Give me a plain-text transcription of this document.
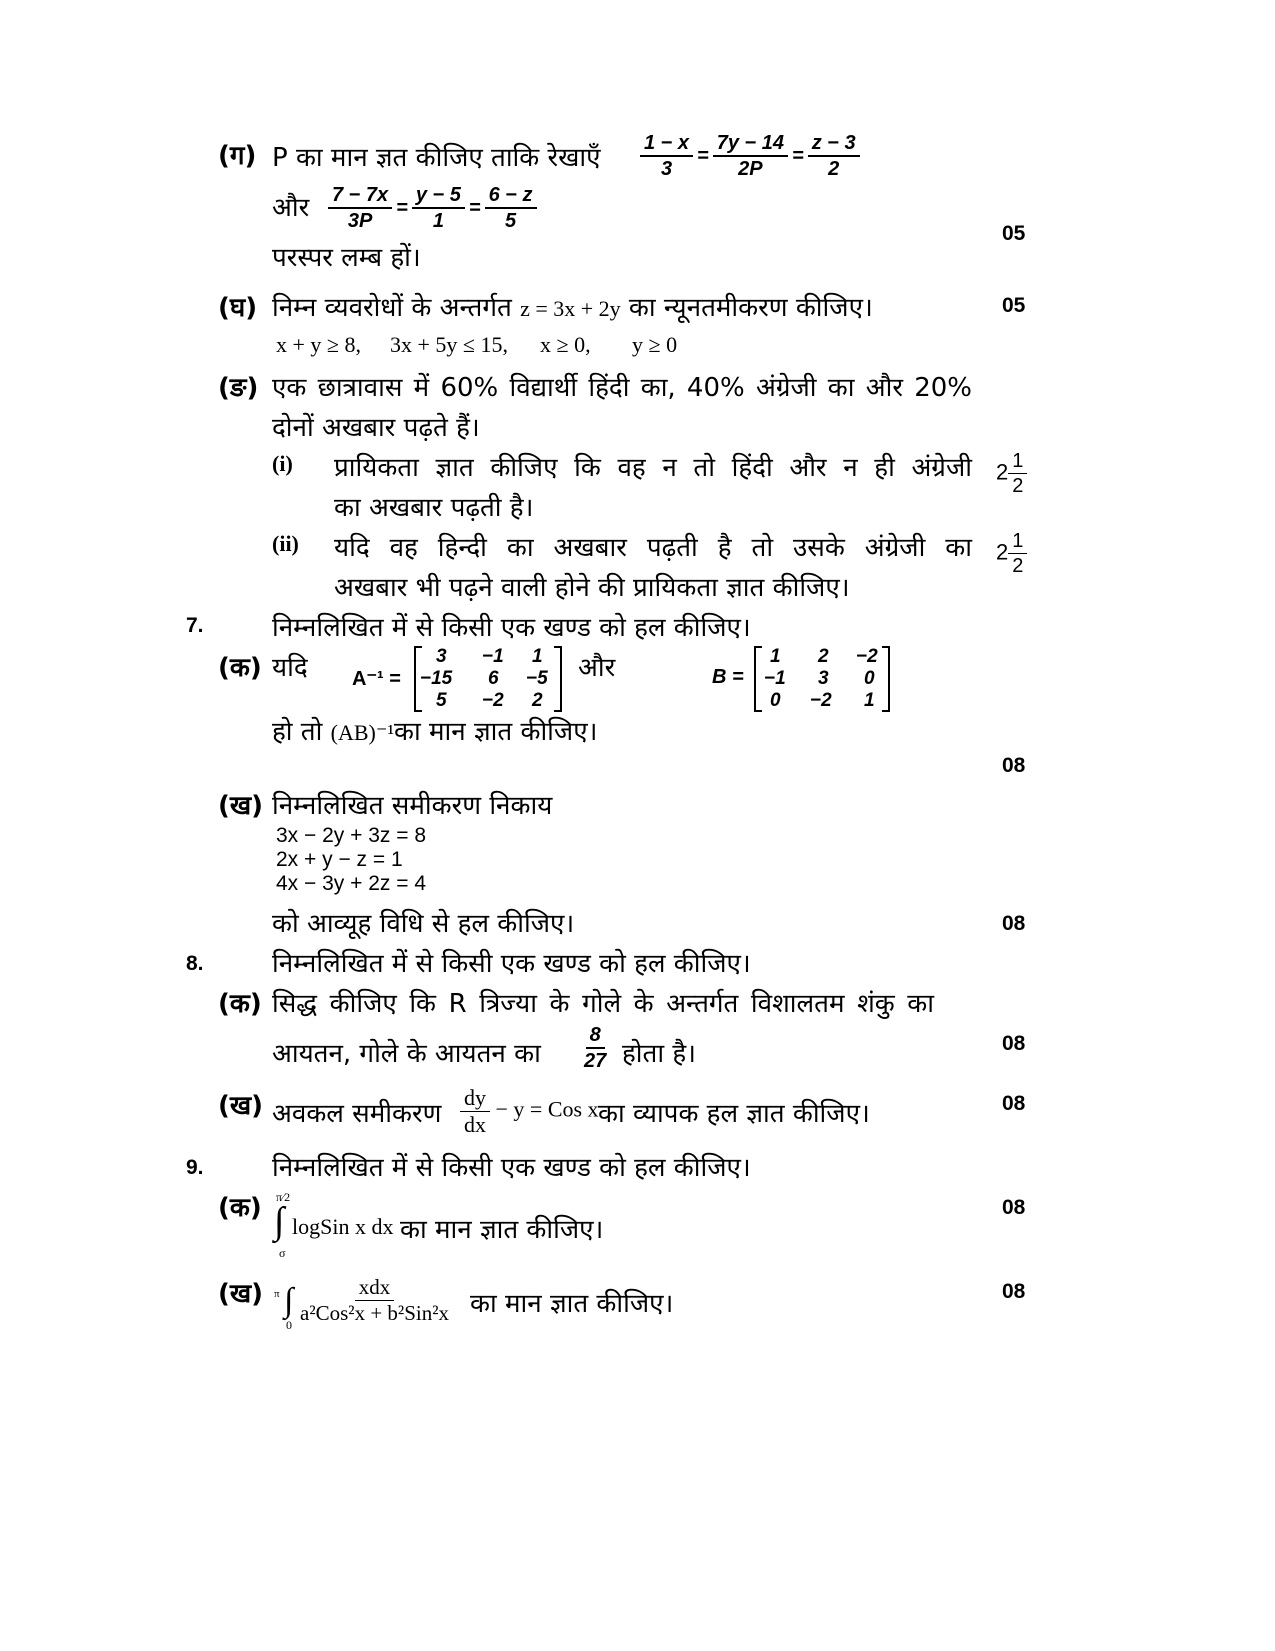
(ग) P का मान ज्ञत कीजिए ताकि रेखाएँ $\frac{1 - x}{3} = \frac{7y - 14}{2P} = \frac{z - 3}{2}$
और $\frac{7 - 7x}{3P} = \frac{y - 5}{1} = \frac{6 - z}{5}$
परस्पर लम्ब हों।
05
(घ) निम्न व्यवरोधों के अन्तर्गत z = 3x + 2y का न्यूनतमीकरण कीजिए।	05
x + y ≥ 8, 3x + 5y ≤ 15, x ≥ 0, y ≥ 0
(ङ) एक छात्रावास में 60% विद्यार्थी हिंदी का, 40% अंग्रेजी का और 20%
दोनों अखबार पढ़ते हैं।
(i) प्रायिकता ज्ञात कीजिए कि वह न तो हिंदी और न ही अंग्रेजी
का अखबार पढ़ती है।
$2 \frac{1}{2}$
(ii) यदि वह हिन्दी का अखबार पढ़ती है तो उसके अंग्रेजी का
अखबार भी पढ़ने वाली होने की प्रायिकता ज्ञात कीजिए।
$2 \frac{1}{2}$
7.	निम्नलिखित में से किसी एक खण्ड को हल कीजिए।
(क) यदि A⁻¹ =
3 −1 1
−15 6 −5
5 −2 2
और	B =
1 2 −2
−1 3 0
0 −2 1
हो तो (AB)⁻¹का मान ज्ञात कीजिए।
08
(ख) निम्नलिखित समीकरण निकाय
3x − 2y + 3z = 8
2x + y − z = 1
4x − 3y + 2z = 4
को आव्यूह विधि से हल कीजिए।	08
8.	निम्नलिखित में से किसी एक खण्ड को हल कीजिए।
(क) सिद्ध कीजिए कि R त्रिज्या के गोले के अन्तर्गत विशालतम शंकु का
आयतन, गोले के आयतन का $\frac{8}{27}$ होता है।	08
(ख) अवकल समीकरण $\frac{dy}{dx} - y$ = Cos x का व्यापक हल ज्ञात कीजिए।	08
9.	निम्नलिखित में से किसी एक खण्ड को हल कीजिए।
(क) π⁄2
∫
σ
logSin x dx का मान ज्ञात कीजिए।
08
(ख) π ∫
$0 \frac{\text{xdx}}{\text{a²Cos²x + b²Sin²x}}$ का मान ज्ञात कीजिए।	08
